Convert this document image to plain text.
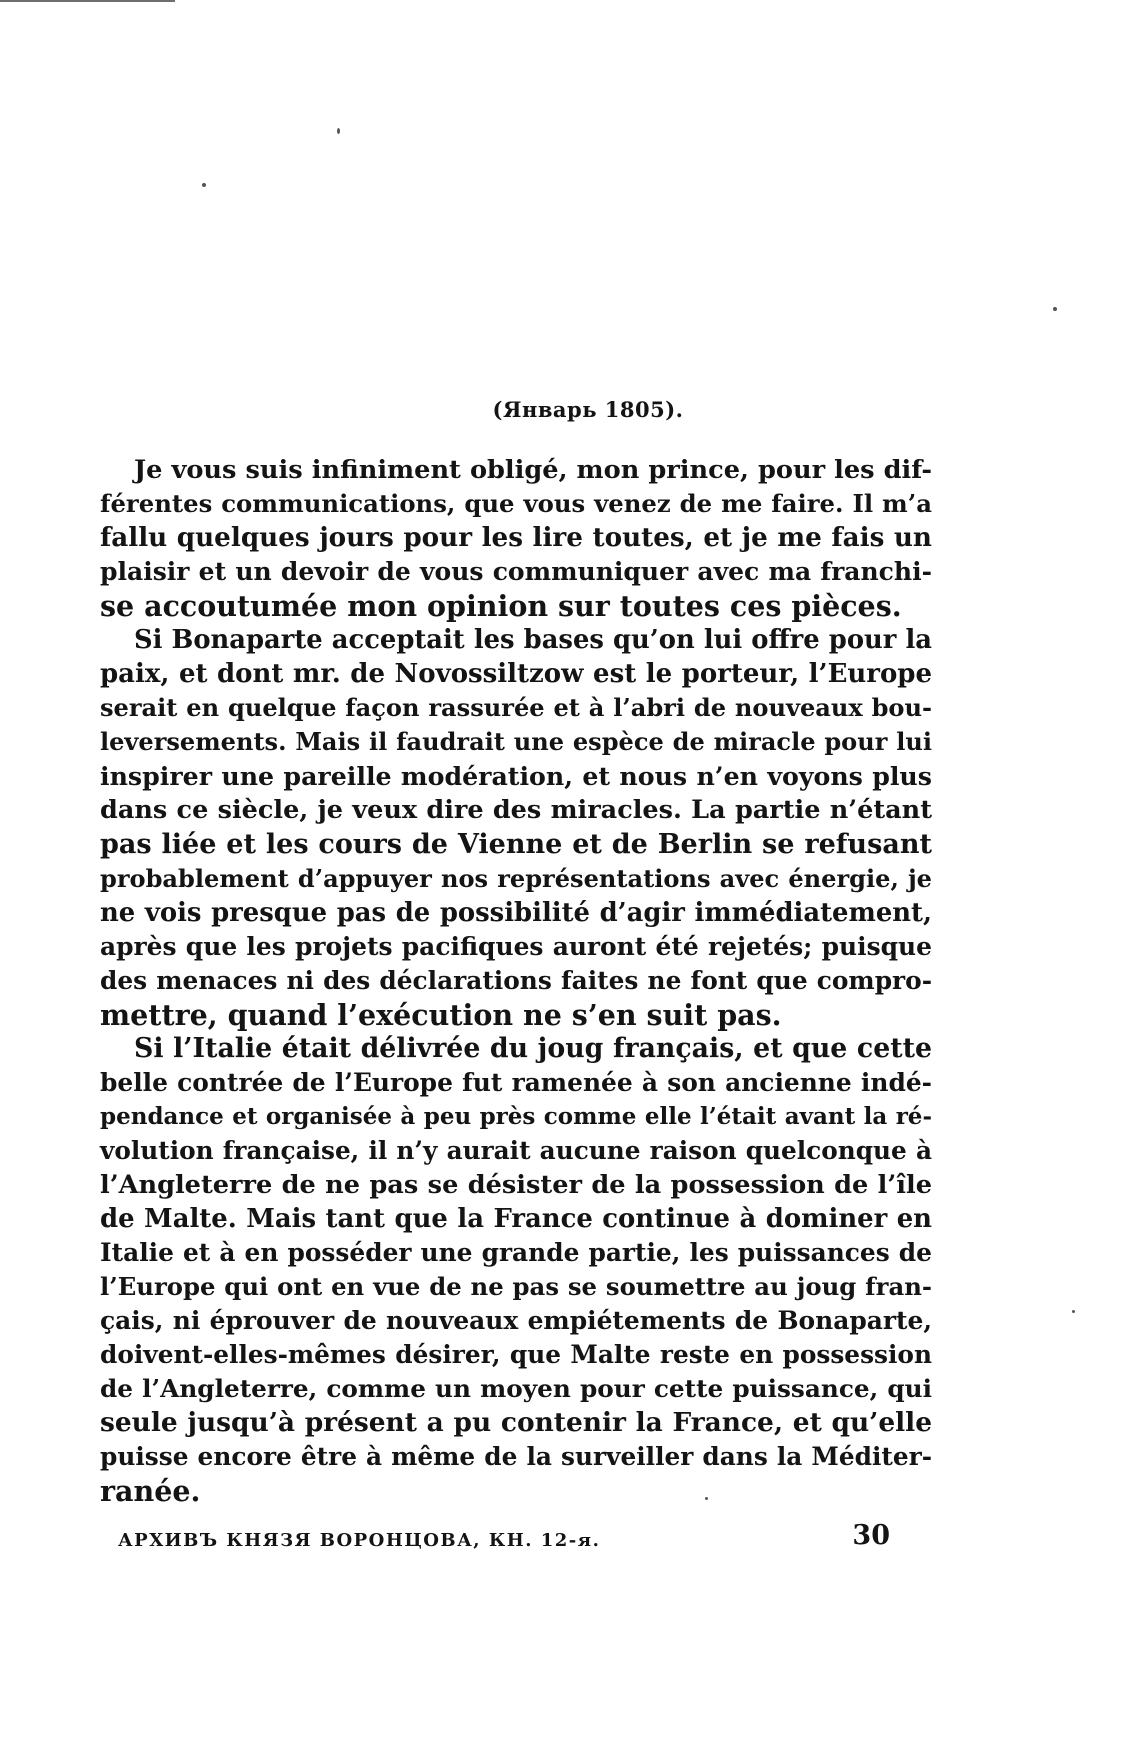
(Январь 1805).
Je vous suis infiniment obligé, mon prince, pour les dif-
férentes communications, que vous venez de me faire. Il m’a
fallu quelques jours pour les lire toutes, et je me fais un
plaisir et un devoir de vous communiquer avec ma franchi-
se accoutumée mon opinion sur toutes ces pièces.
Si Bonaparte acceptait les bases qu’on lui offre pour la
paix, et dont mr. de Novossiltzow est le porteur, l’Europe
serait en quelque façon rassurée et à l’abri de nouveaux bou-
leversements. Mais il faudrait une espèce de miracle pour lui
inspirer une pareille modération, et nous n’en voyons plus
dans ce siècle, je veux dire des miracles. La partie n’étant
pas liée et les cours de Vienne et de Berlin se refusant
probablement d’appuyer nos représentations avec énergie, je
ne vois presque pas de possibilité d’agir immédiatement,
après que les projets pacifiques auront été rejetés; puisque
des menaces ni des déclarations faites ne font que compro-
mettre, quand l’exécution ne s’en suit pas.
Si l’Italie était délivrée du joug français, et que cette
belle contrée de l’Europe fut ramenée à son ancienne indé-
pendance et organisée à peu près comme elle l’était avant la ré-
volution française, il n’y aurait aucune raison quelconque à
l’Angleterre de ne pas se désister de la possession de l’île
de Malte. Mais tant que la France continue à dominer en
Italie et à en posséder une grande partie, les puissances de
l’Europe qui ont en vue de ne pas se soumettre au joug fran-
çais, ni éprouver de nouveaux empiétements de Bonaparte,
doivent-elles-mêmes désirer, que Malte reste en possession
de l’Angleterre, comme un moyen pour cette puissance, qui
seule jusqu’à présent a pu contenir la France, et qu’elle
puisse encore être à même de la surveiller dans la Méditer-
ranée.
АРХИВЪ КНЯЗЯ ВОРОНЦОВА, КН. 12-я.	30
